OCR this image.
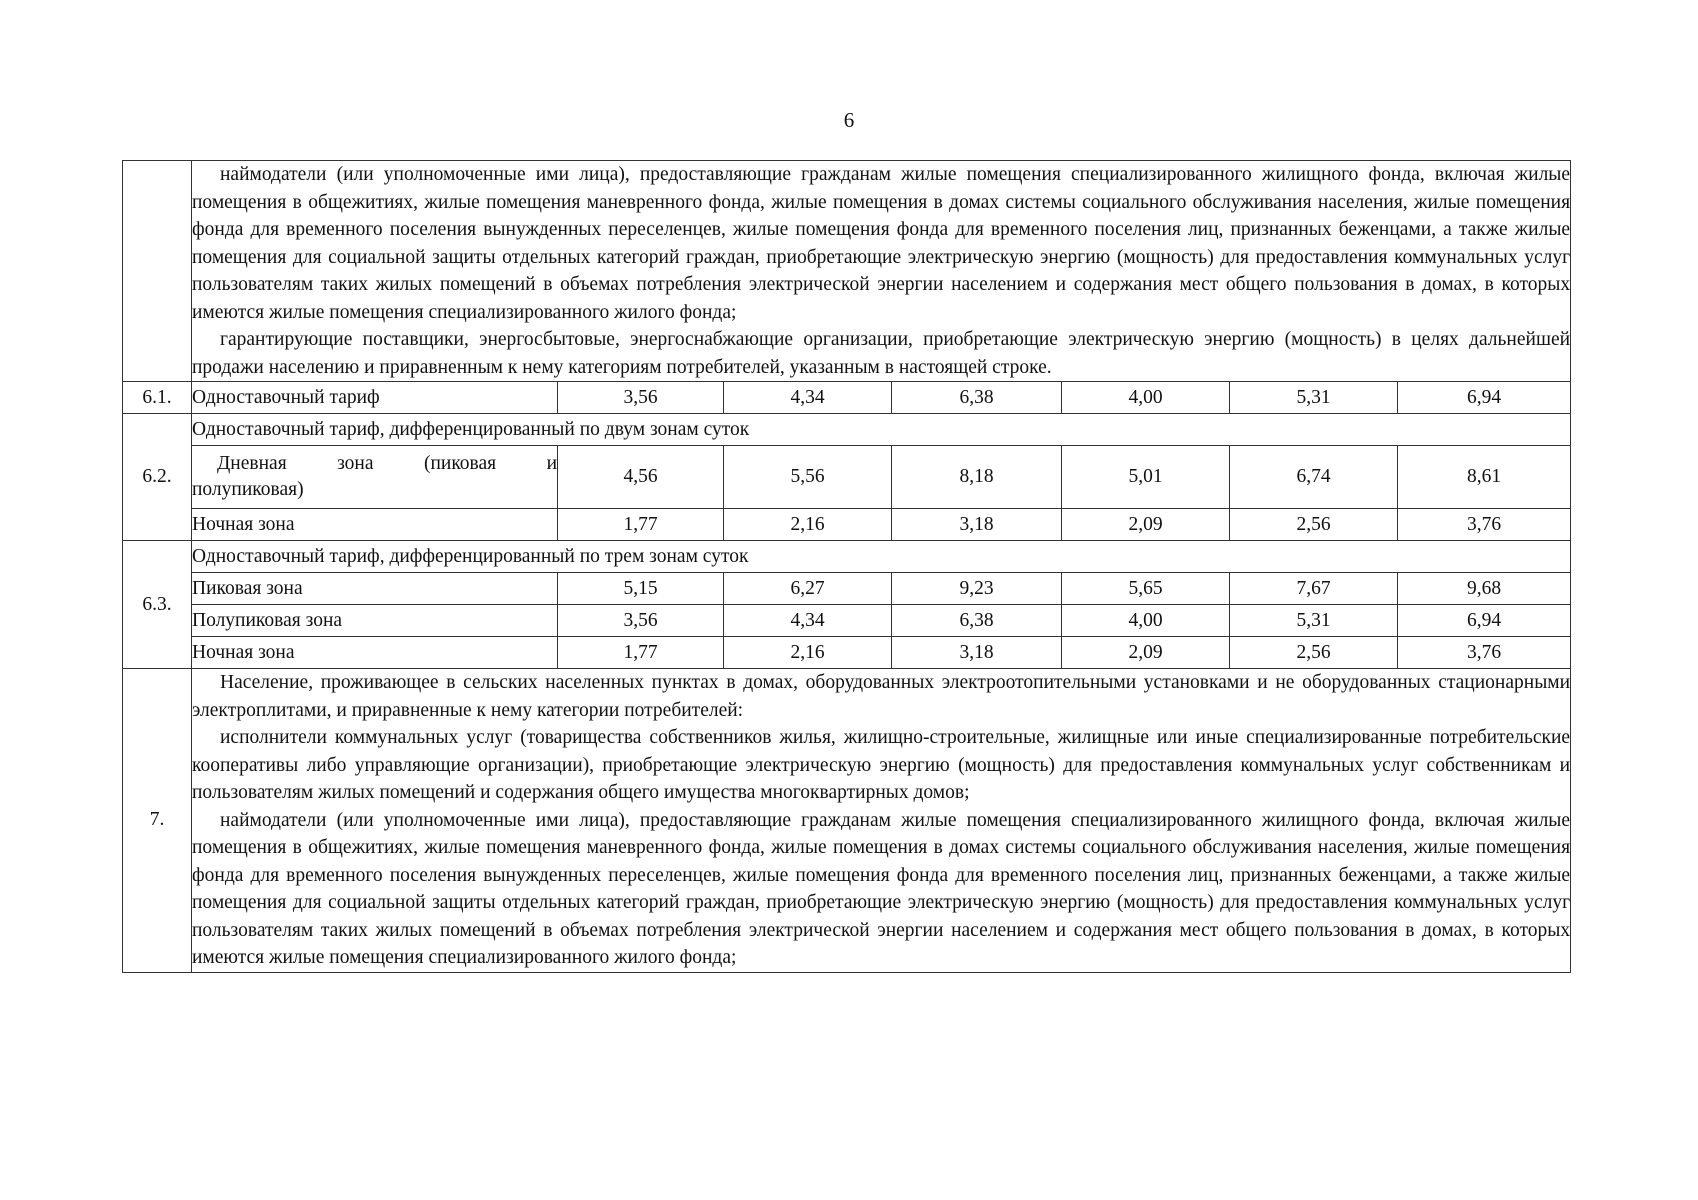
6

	наймодатели (или уполномоченные ими лица), предоставляющие гражданам жилые помещения специализированного жилищного фонда, включая жилые помещения в общежитиях, жилые помещения маневренного фонда, жилые помещения в домах системы социального обслуживания населения, жилые помещения фонда для временного поселения вынужденных переселенцев, жилые помещения фонда для временного поселения лиц, признанных беженцами, а также жилые помещения для социальной защиты отдельных категорий граждан, приобретающие электрическую энергию (мощность) для предоставления коммунальных услуг пользователям таких жилых помещений в объемах потребления электрической энергии населением и содержания мест общего пользования в домах, в которых имеются жилые помещения специализированного жилого фонда;

гарантирующие поставщики, энергосбытовые, энергоснабжающие организации, приобретающие электрическую энергию (мощность) в целях дальнейшей продажи населению и приравненным к нему категориям потребителей, указанным в настоящей строке.						

6.1.	Одноставочный тариф	3,56	4,34	6,38	4,00	5,31	6,94
6.2.	Одноставочный тариф, дифференцированный по двум зонам суток						

	Дневная зона (пиковая и
полупиковая)	4,56	5,56	8,18	5,01	6,74	8,61
	Ночная зона	1,77	2,16	3,18	2,09	2,56	3,76
6.3.	Одноставочный тариф, дифференцированный по трем зонам суток						
	Пиковая зона	5,15	6,27	9,23	5,65	7,67	9,68
	Полупиковая зона	3,56	4,34	6,38	4,00	5,31	6,94
	Ночная зона	1,77	2,16	3,18	2,09	2,56	3,76
7.	Население, проживающее в сельских населенных пунктах в домах, оборудованных электроотопительными установками и не оборудованных стационарными электроплитами, и приравненные к нему категории потребителей:

исполнители коммунальных услуг (товарищества собственников жилья, жилищно-строительные, жилищные или иные специализированные потребительские кооперативы либо управляющие организации), приобретающие электрическую энергию (мощность) для предоставления коммунальных услуг собственникам и пользователям жилых помещений и содержания общего имущества многоквартирных домов;

наймодатели (или уполномоченные ими лица), предоставляющие гражданам жилые помещения специализированного жилищного фонда, включая жилые помещения в общежитиях, жилые помещения маневренного фонда, жилые помещения в домах системы социального обслуживания населения, жилые помещения фонда для временного поселения вынужденных переселенцев, жилые помещения фонда для временного поселения лиц, признанных беженцами, а также жилые помещения для социальной защиты отдельных категорий граждан, приобретающие электрическую энергию (мощность) для предоставления коммунальных услуг пользователям таких жилых помещений в объемах потребления электрической энергии населением и содержания мест общего пользования в домах, в которых имеются жилые помещения специализированного жилого фонда;						
